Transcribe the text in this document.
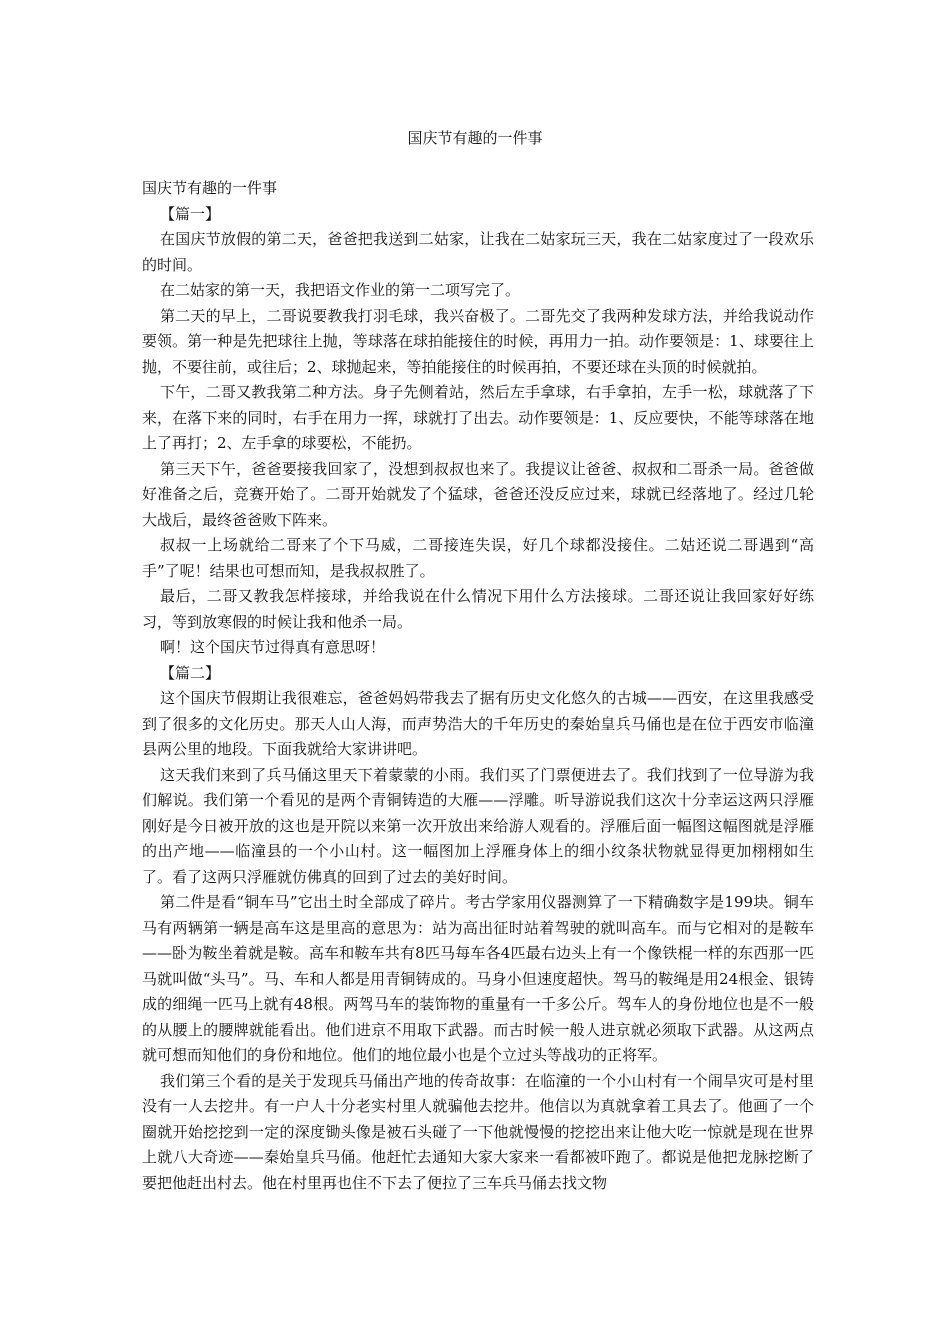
国庆节有趣的一件事

国庆节有趣的一件事

【篇一】

在国庆节放假的第二天，爸爸把我送到二姑家，让我在二姑家玩三天，我在二姑家度过了一段欢乐的时间。

在二姑家的第一天，我把语文作业的第一二项写完了。

第二天的早上，二哥说要教我打羽毛球，我兴奋极了。二哥先交了我两种发球方法，并给我说动作要领。第一种是先把球往上抛，等球落在球拍能接住的时候，再用力一拍。动作要领是：1、球要往上抛，不要往前，或往后；2、球抛起来，等拍能接住的时候再拍，不要还球在头顶的时候就拍。

下午，二哥又教我第二种方法。身子先侧着站，然后左手拿球，右手拿拍，左手一松，球就落了下来，在落下来的同时，右手在用力一挥，球就打了出去。动作要领是：1、反应要快，不能等球落在地上了再打；2、左手拿的球要松，不能扔。

第三天下午，爸爸要接我回家了，没想到叔叔也来了。我提议让爸爸、叔叔和二哥杀一局。爸爸做好准备之后，竞赛开始了。二哥开始就发了个猛球，爸爸还没反应过来，球就已经落地了。经过几轮大战后，最终爸爸败下阵来。

叔叔一上场就给二哥来了个下马威，二哥接连失误，好几个球都没接住。二姑还说二哥遇到“高手”了呢！结果也可想而知，是我叔叔胜了。

最后，二哥又教我怎样接球，并给我说在什么情况下用什么方法接球。二哥还说让我回家好好练习，等到放寒假的时候让我和他杀一局。

啊！这个国庆节过得真有意思呀！

【篇二】

这个国庆节假期让我很难忘，爸爸妈妈带我去了据有历史文化悠久的古城——西安，在这里我感受到了很多的文化历史。那天人山人海，而声势浩大的千年历史的秦始皇兵马俑也是在位于西安市临潼县两公里的地段。下面我就给大家讲讲吧。

这天我们来到了兵马俑这里天下着蒙蒙的小雨。我们买了门票便进去了。我们找到了一位导游为我们解说。我们第一个看见的是两个青铜铸造的大雁——浮雕。听导游说我们这次十分幸运这两只浮雁刚好是今日被开放的这也是开院以来第一次开放出来给游人观看的。浮雁后面一幅图这幅图就是浮雁的出产地——临潼县的一个小山村。这一幅图加上浮雁身体上的细小纹条状物就显得更加栩栩如生了。看了这两只浮雁就仿佛真的回到了过去的美好时间。

第二件是看“铜车马”它出土时全部成了碎片。考古学家用仪器测算了一下精确数字是199块。铜车马有两辆第一辆是高车这是里高的意思为：站为高出征时站着驾驶的就叫高车。而与它相对的是鞍车——卧为鞍坐着就是鞍。高车和鞍车共有8匹马每车各4匹最右边头上有一个像铁棍一样的东西那一匹马就叫做“头马”。马、车和人都是用青铜铸成的。马身小但速度超快。驾马的鞍绳是用24根金、银铸成的细绳一匹马上就有48根。两驾马车的装饰物的重量有一千多公斤。驾车人的身份地位也是不一般的从腰上的腰牌就能看出。他们进京不用取下武器。而古时候一般人进京就必须取下武器。从这两点就可想而知他们的身份和地位。他们的地位最小也是个立过头等战功的正将军。

我们第三个看的是关于发现兵马俑出产地的传奇故事：在临潼的一个小山村有一个闹旱灾可是村里没有一人去挖井。有一户人十分老实村里人就骗他去挖井。他信以为真就拿着工具去了。他画了一个圈就开始挖挖到一定的深度锄头像是被石头碰了一下他就慢慢的挖挖出来让他大吃一惊就是现在世界上就八大奇迹——秦始皇兵马俑。他赶忙去通知大家大家来一看都被吓跑了。都说是他把龙脉挖断了要把他赶出村去。他在村里再也住不下去了便拉了三车兵马俑去找文物
